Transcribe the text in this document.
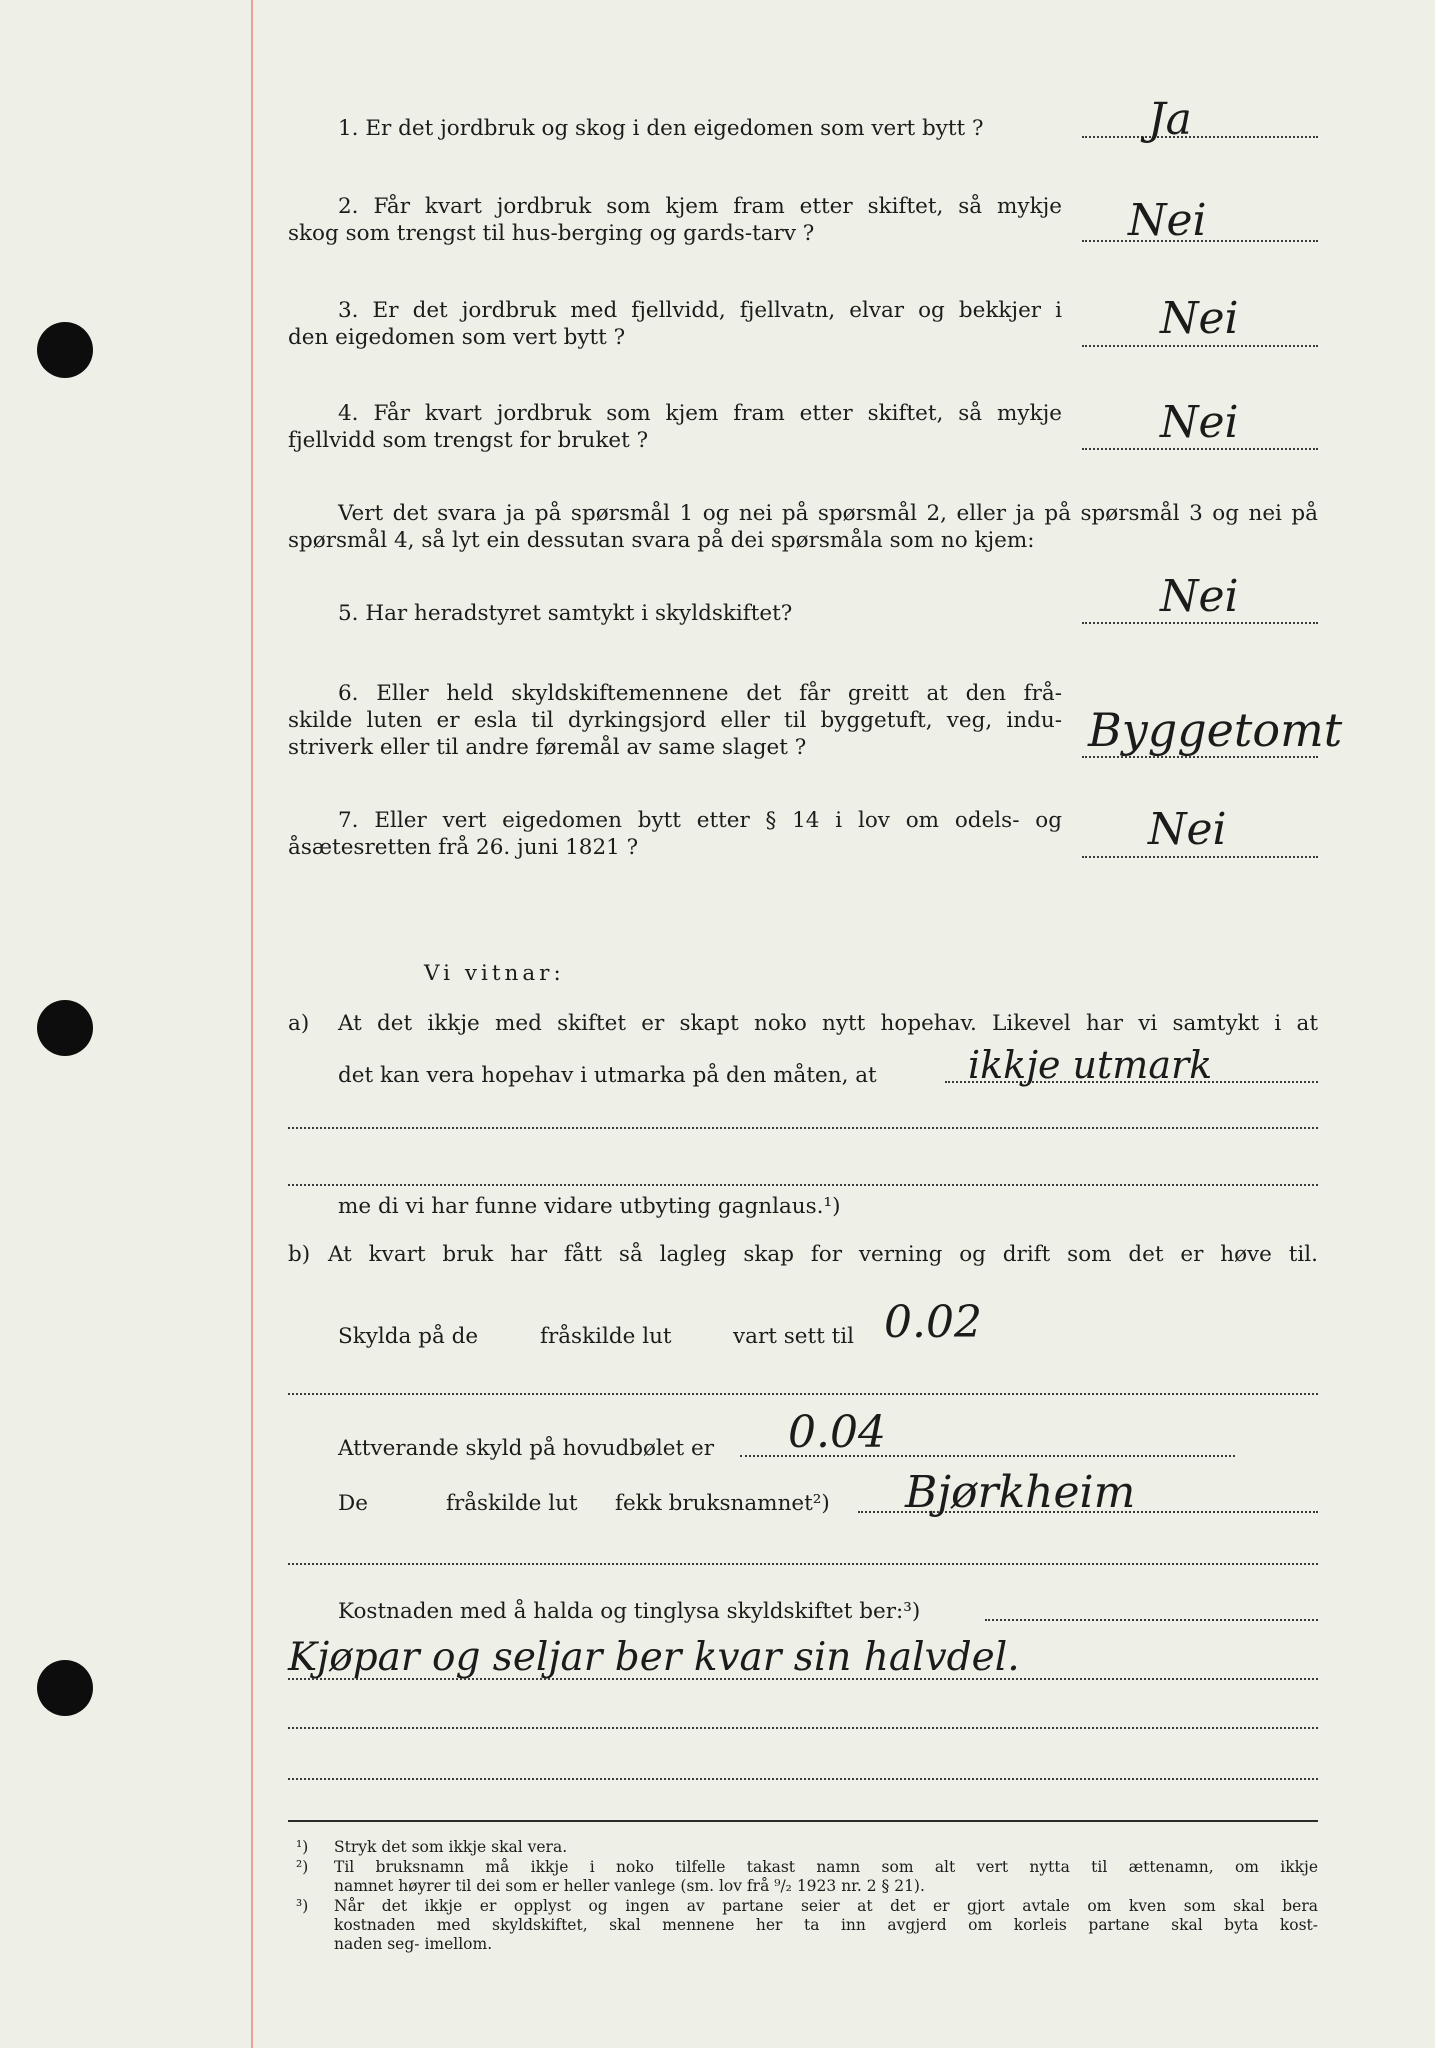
1. Er det jordbruk og skog i den eigedomen som vert bytt ?	Ja
2. Får kvart jordbruk som kjem fram etter skiftet, så mykje
skog som trengst til hus-berging og gards-tarv ?	Nei
3. Er det jordbruk med fjellvidd, fjellvatn, elvar og bekkjer i
den eigedomen som vert bytt ?	Nei
4. Får kvart jordbruk som kjem fram etter skiftet, så mykje
fjellvidd som trengst for bruket ?	Nei
Vert det svara ja på spørsmål 1 og nei på spørsmål 2, eller ja på spørsmål 3 og nei på
spørsmål 4, så lyt ein dessutan svara på dei spørsmåla som no kjem:
5. Har heradstyret samtykt i skyldskiftet?	Nei
6. Eller held skyldskiftemennene det får greitt at den frå-
skilde luten er esla til dyrkingsjord eller til byggetuft, veg, indu-
striverk eller til andre føremål av same slaget ?	Byggetomt
7. Eller vert eigedomen bytt etter § 14 i lov om odels- og
åsætesretten frå 26. juni 1821 ?	Nei
Vi vitnar:
a) At det ikkje med skiftet er skapt noko nytt hopehav. Likevel har vi samtykt i at
det kan vera hopehav i utmarka på den måten, at ikkje utmark
me di vi har funne vidare utbyting gagnlaus.¹)
b) At kvart bruk har fått så lagleg skap for verning og drift som det er høve til.
Skylda på de	fråskilde lut	vart sett til 0.02
Attverande skyld på hovudbølet er 0.04
De	fråskilde lut fekk bruksnamnet²) Bjørkheim
Kostnaden med å halda og tinglysa skyldskiftet ber:³)
Kjøpar og seljar ber kvar sin halvdel.
¹) Stryk det som ikkje skal vera.
²) Til bruksnamn må ikkje i noko tilfelle takast namn som alt vert nytta til ættenamn, om ikkje
namnet høyrer til dei som er heller vanlege (sm. lov frå ⁹/₂ 1923 nr. 2 § 21).
³) Når det ikkje er opplyst og ingen av partane seier at det er gjort avtale om kven som skal bera
kostnaden med skyldskiftet, skal mennene her ta inn avgjerd om korleis partane skal byta kost-
naden seg- imellom.
